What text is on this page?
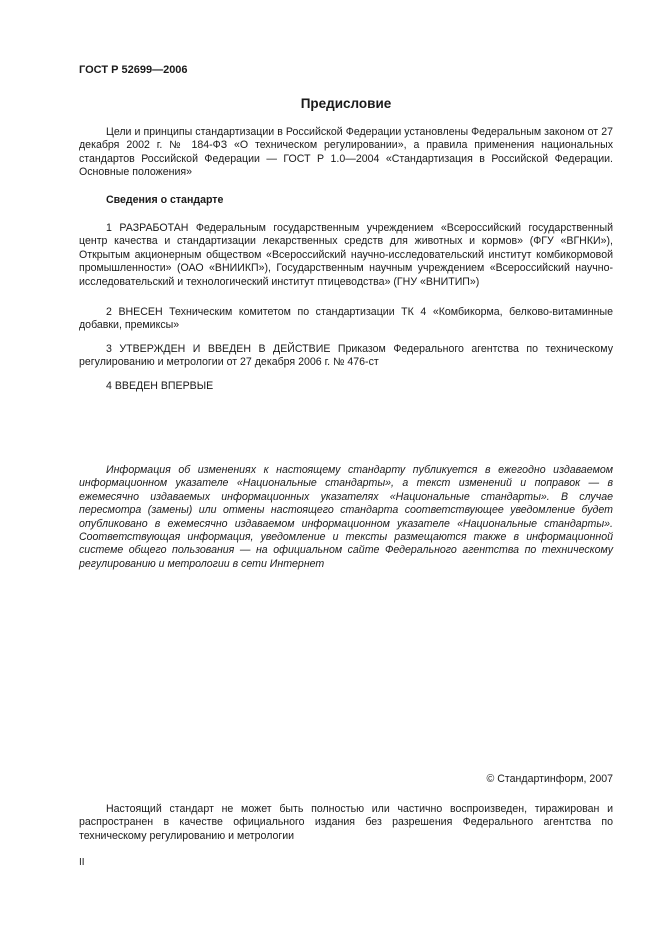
ГОСТ Р 52699—2006
Предисловие

Цели и принципы стандартизации в Российской Федерации установлены Федеральным законом от 27 декабря 2002 г. № 184-ФЗ «О техническом регулировании», а правила применения национальных стандартов Российской Федерации — ГОСТ Р 1.0—2004 «Стандартизация в Российской Федерации. Основные положения»

Сведения о стандарте

1 РАЗРАБОТАН Федеральным государственным учреждением «Всероссийский государственный центр качества и стандартизации лекарственных средств для животных и кормов» (ФГУ «ВГНКИ»), Открытым акционерным обществом «Всероссийский научно-исследовательский институт комбикормовой промышленности» (ОАО «ВНИИКП»), Государственным научным учреждением «Всероссийский научно-исследовательский и технологический институт птицеводства» (ГНУ «ВНИТИП»)

2 ВНЕСЕН Техническим комитетом по стандартизации ТК 4 «Комбикорма, белково-витаминные добавки, премиксы»

3 УТВЕРЖДЕН И ВВЕДЕН В ДЕЙСТВИЕ Приказом Федерального агентства по техническому регулированию и метрологии от 27 декабря 2006 г. № 476-ст

4 ВВЕДЕН ВПЕРВЫЕ

Информация об изменениях к настоящему стандарту публикуется в ежегодно издаваемом информационном указателе «Национальные стандарты», а текст изменений и поправок — в ежемесячно издаваемых информационных указателях «Национальные стандарты». В случае пересмотра (замены) или отмены настоящего стандарта соответствующее уведомление будет опубликовано в ежемесячно издаваемом информационном указателе «Национальные стандарты». Соответствующая информация, уведомление и тексты размещаются также в информационной системе общего пользования — на официальном сайте Федерального агентства по техническому регулированию и метрологии в сети Интернет

© Стандартинформ, 2007

Настоящий стандарт не может быть полностью или частично воспроизведен, тиражирован и распространен в качестве официального издания без разрешения Федерального агентства по техническому регулированию и метрологии

II
